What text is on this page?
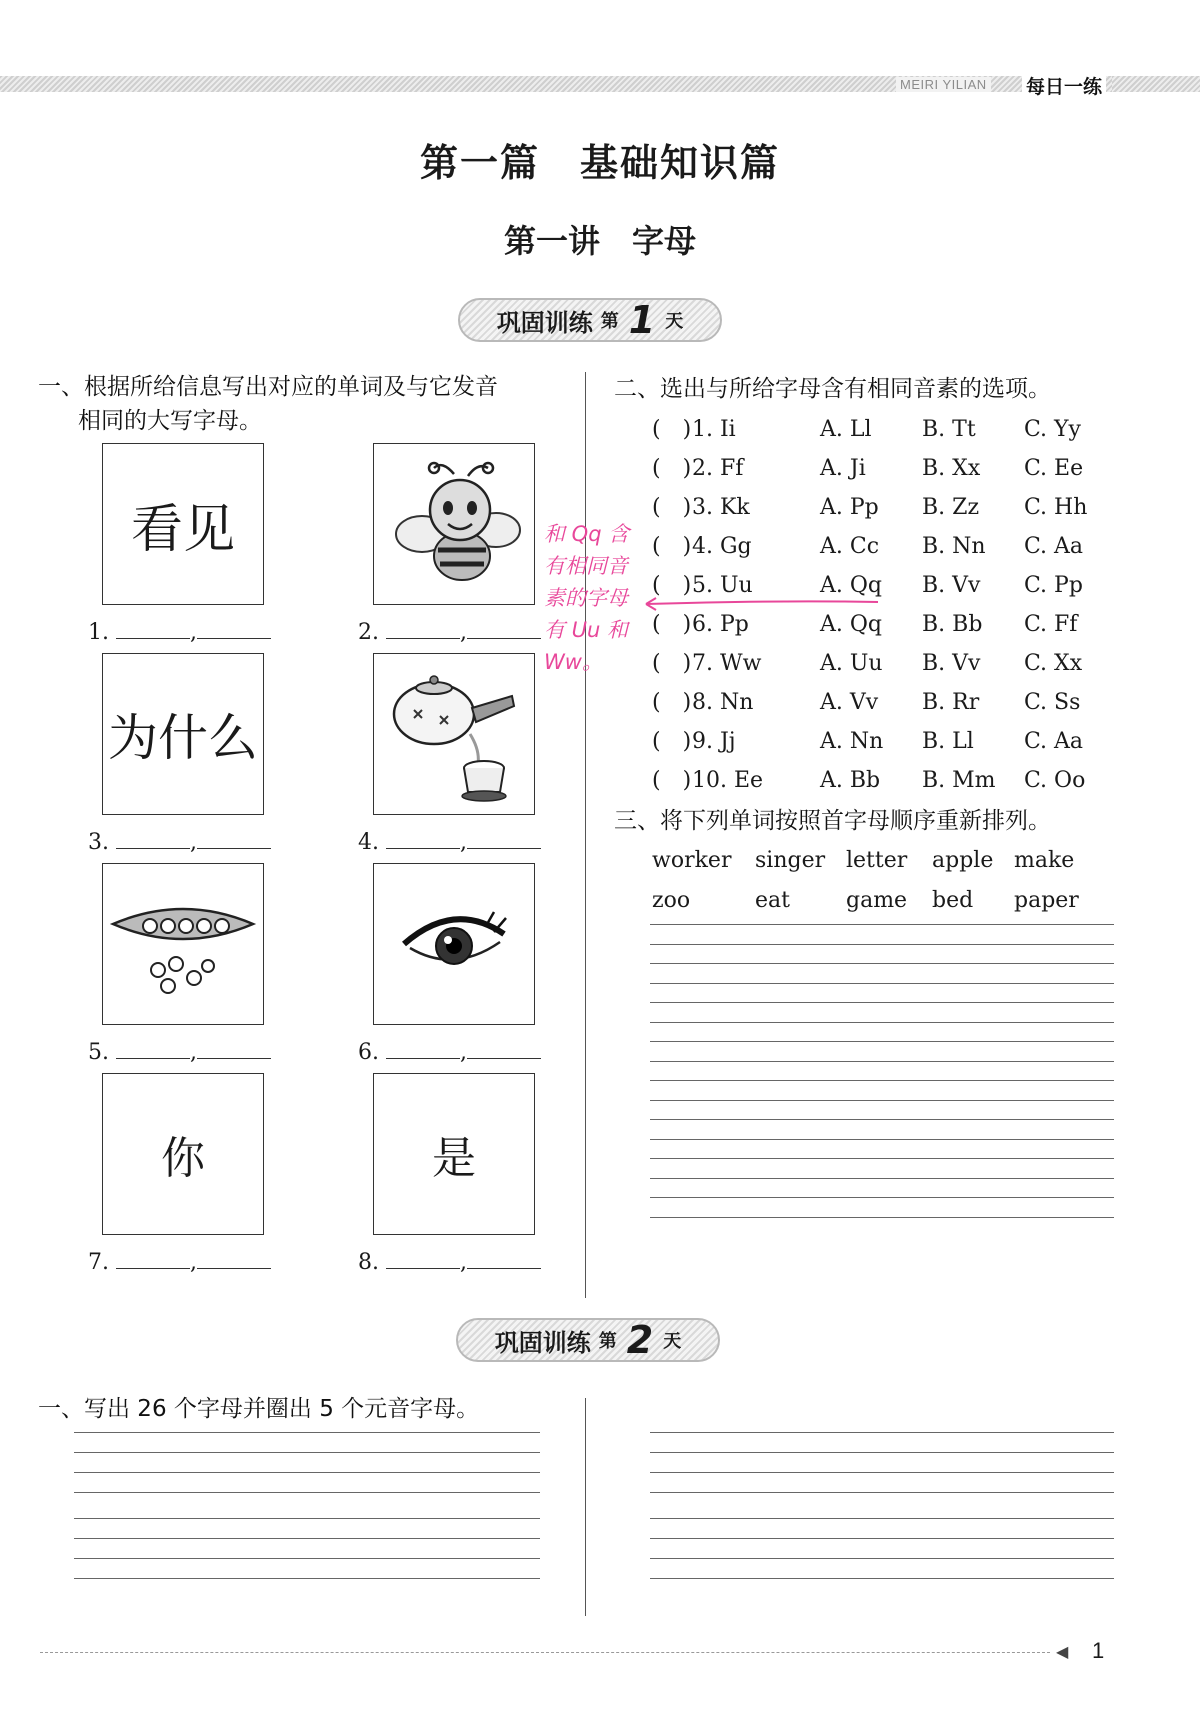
MEIRI YILIAN 每日一练
第一篇　基础知识篇
第一讲　字母
巩固训练 第 1 天
一、根据所给信息写出对应的单词及与它发音
相同的大写字母。
看见
1.	,	2.	,
为什么
3.	,	4.	,
5.	,	6.	,
你	是
7.	,	8.	,
二、选出与所给字母含有相同音素的选项。
(　) 1. Ii	A. Ll B. Tt C. Yy
(　) 2. Ff	A. Ji	B. Xx C. Ee
(　) 3. Kk	A. Pp B. Zz C. Hh
(　) 4. Gg	A. Cc B. Nn C. Aa
(　) 5. Uu	A. Qq B. Vv C. Pp
(　) 6. Pp	A. Qq B. Bb C. Ff
(　) 7. Ww	A. Uu B. Vv C. Xx
(　) 8. Nn	A. Vv B. Rr C. Ss
(　) 9. Jj	A. Nn B. Ll C. Aa
(　) 10. Ee	A. Bb B. Mm C. Oo
和 Qq 含
有相同音
素的字母
有 Uu 和
Ww。
三、将下列单词按照首字母顺序重新排列。
worker singer letter apple make
zoo	eat	game bed paper
巩固训练 第 2 天
一、写出 26 个字母并圈出 5 个元音字母。
◀ 1
